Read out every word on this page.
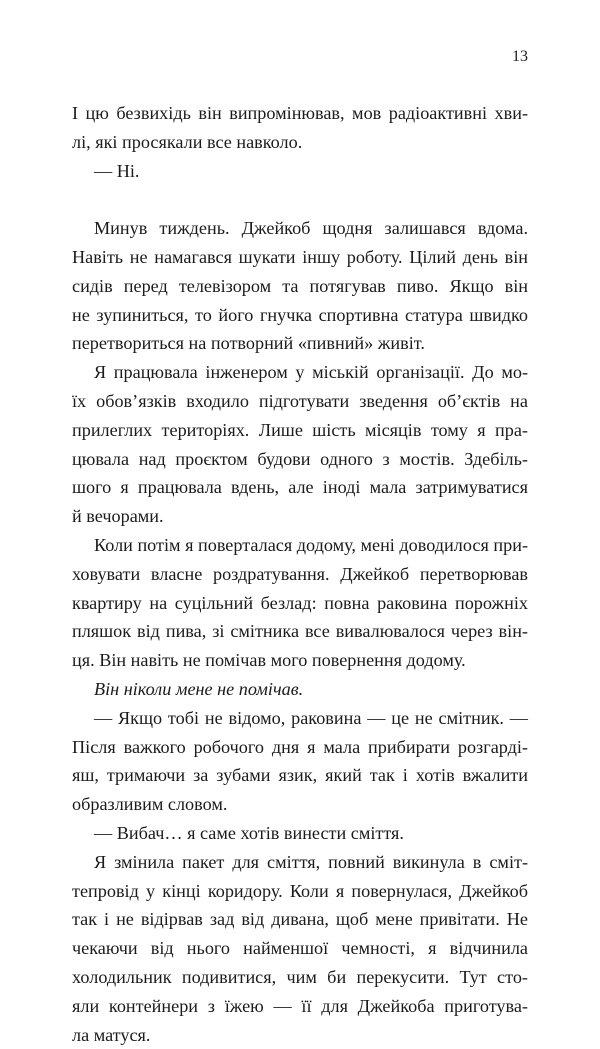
13
І цю безвихідь він випромінював, мов радіоактивні хви-
лі, які просякали все навколо.
— Ні.
Минув тиждень. Джейкоб щодня залишався вдома.
Навіть не намагався шукати іншу роботу. Цілий день він
сидів перед телевізором та потягував пиво. Якщо він
не зупиниться, то його гнучка спортивна статура швидко
перетвориться на потворний «пивний» живіт.
Я працювала інженером у міській організації. До мо-
їх обов’язків входило підготувати зведення об’єктів на
прилеглих територіях. Лише шість місяців тому я пра-
цювала над проєктом будови одного з мостів. Здебіль-
шого я працювала вдень, але іноді мала затримуватися
й вечорами.
Коли потім я поверталася додому, мені доводилося при-
ховувати власне роздратування. Джейкоб перетворював
квартиру на суцільний безлад: повна раковина порожніх
пляшок від пива, зі смітника все вивалювалося через він-
ця. Він навіть не помічав мого повернення додому.
Він ніколи мене не помічав.
— Якщо тобі не відомо, раковина — це не смітник. —
Після важкого робочого дня я мала прибирати розгарді-
яш, тримаючи за зубами язик, який так і хотів вжалити
образливим словом.
— Вибач… я саме хотів винести сміття.
Я змінила пакет для сміття, повний викинула в сміт-
тепровід у кінці коридору. Коли я повернулася, Джейкоб
так і не відірвав зад від дивана, щоб мене привітати. Не
чекаючи від нього найменшої чемності, я відчинила
холодильник подивитися, чим би перекусити. Тут сто-
яли контейнери з їжею — її для Джейкоба приготува-
ла матуся.
